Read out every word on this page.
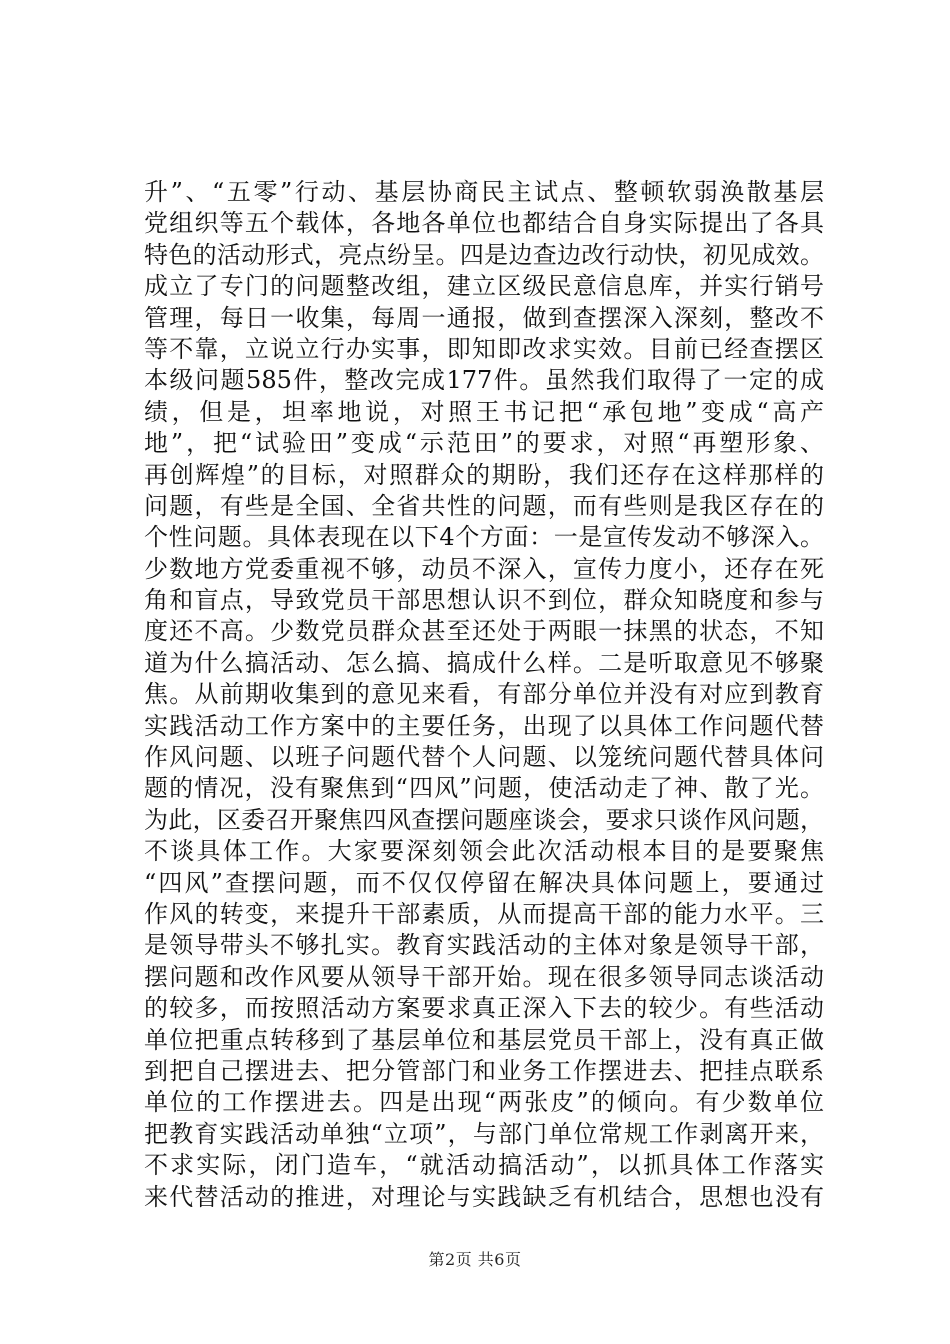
升”、“五零”行动、基层协商民主试点、整顿软弱涣散基层
党组织等五个载体，各地各单位也都结合自身实际提出了各具
特色的活动形式，亮点纷呈。四是边查边改行动快，初见成效。
成立了专门的问题整改组，建立区级民意信息库，并实行销号
管理，每日一收集，每周一通报，做到查摆深入深刻，整改不
等不靠，立说立行办实事，即知即改求实效。目前已经查摆区
本级问题585件，整改完成177件。虽然我们取得了一定的成
绩，但是，坦率地说，对照王书记把“承包地”变成“高产
地”，把“试验田”变成“示范田”的要求，对照“再塑形象、
再创辉煌”的目标，对照群众的期盼，我们还存在这样那样的
问题，有些是全国、全省共性的问题，而有些则是我区存在的
个性问题。具体表现在以下4个方面：一是宣传发动不够深入。
少数地方党委重视不够，动员不深入，宣传力度小，还存在死
角和盲点，导致党员干部思想认识不到位，群众知晓度和参与
度还不高。少数党员群众甚至还处于两眼一抹黑的状态，不知
道为什么搞活动、怎么搞、搞成什么样。二是听取意见不够聚
焦。从前期收集到的意见来看，有部分单位并没有对应到教育
实践活动工作方案中的主要任务，出现了以具体工作问题代替
作风问题、以班子问题代替个人问题、以笼统问题代替具体问
题的情况，没有聚焦到“四风”问题，使活动走了神、散了光。
为此，区委召开聚焦四风查摆问题座谈会，要求只谈作风问题，
不谈具体工作。大家要深刻领会此次活动根本目的是要聚焦
“四风”查摆问题，而不仅仅停留在解决具体问题上，要通过
作风的转变，来提升干部素质，从而提高干部的能力水平。三
是领导带头不够扎实。教育实践活动的主体对象是领导干部，
摆问题和改作风要从领导干部开始。现在很多领导同志谈活动
的较多，而按照活动方案要求真正深入下去的较少。有些活动
单位把重点转移到了基层单位和基层党员干部上，没有真正做
到把自己摆进去、把分管部门和业务工作摆进去、把挂点联系
单位的工作摆进去。四是出现“两张皮”的倾向。有少数单位
把教育实践活动单独“立项”，与部门单位常规工作剥离开来，
不求实际，闭门造车，“就活动搞活动”，以抓具体工作落实
来代替活动的推进，对理论与实践缺乏有机结合，思想也没有
第2页 共6页
